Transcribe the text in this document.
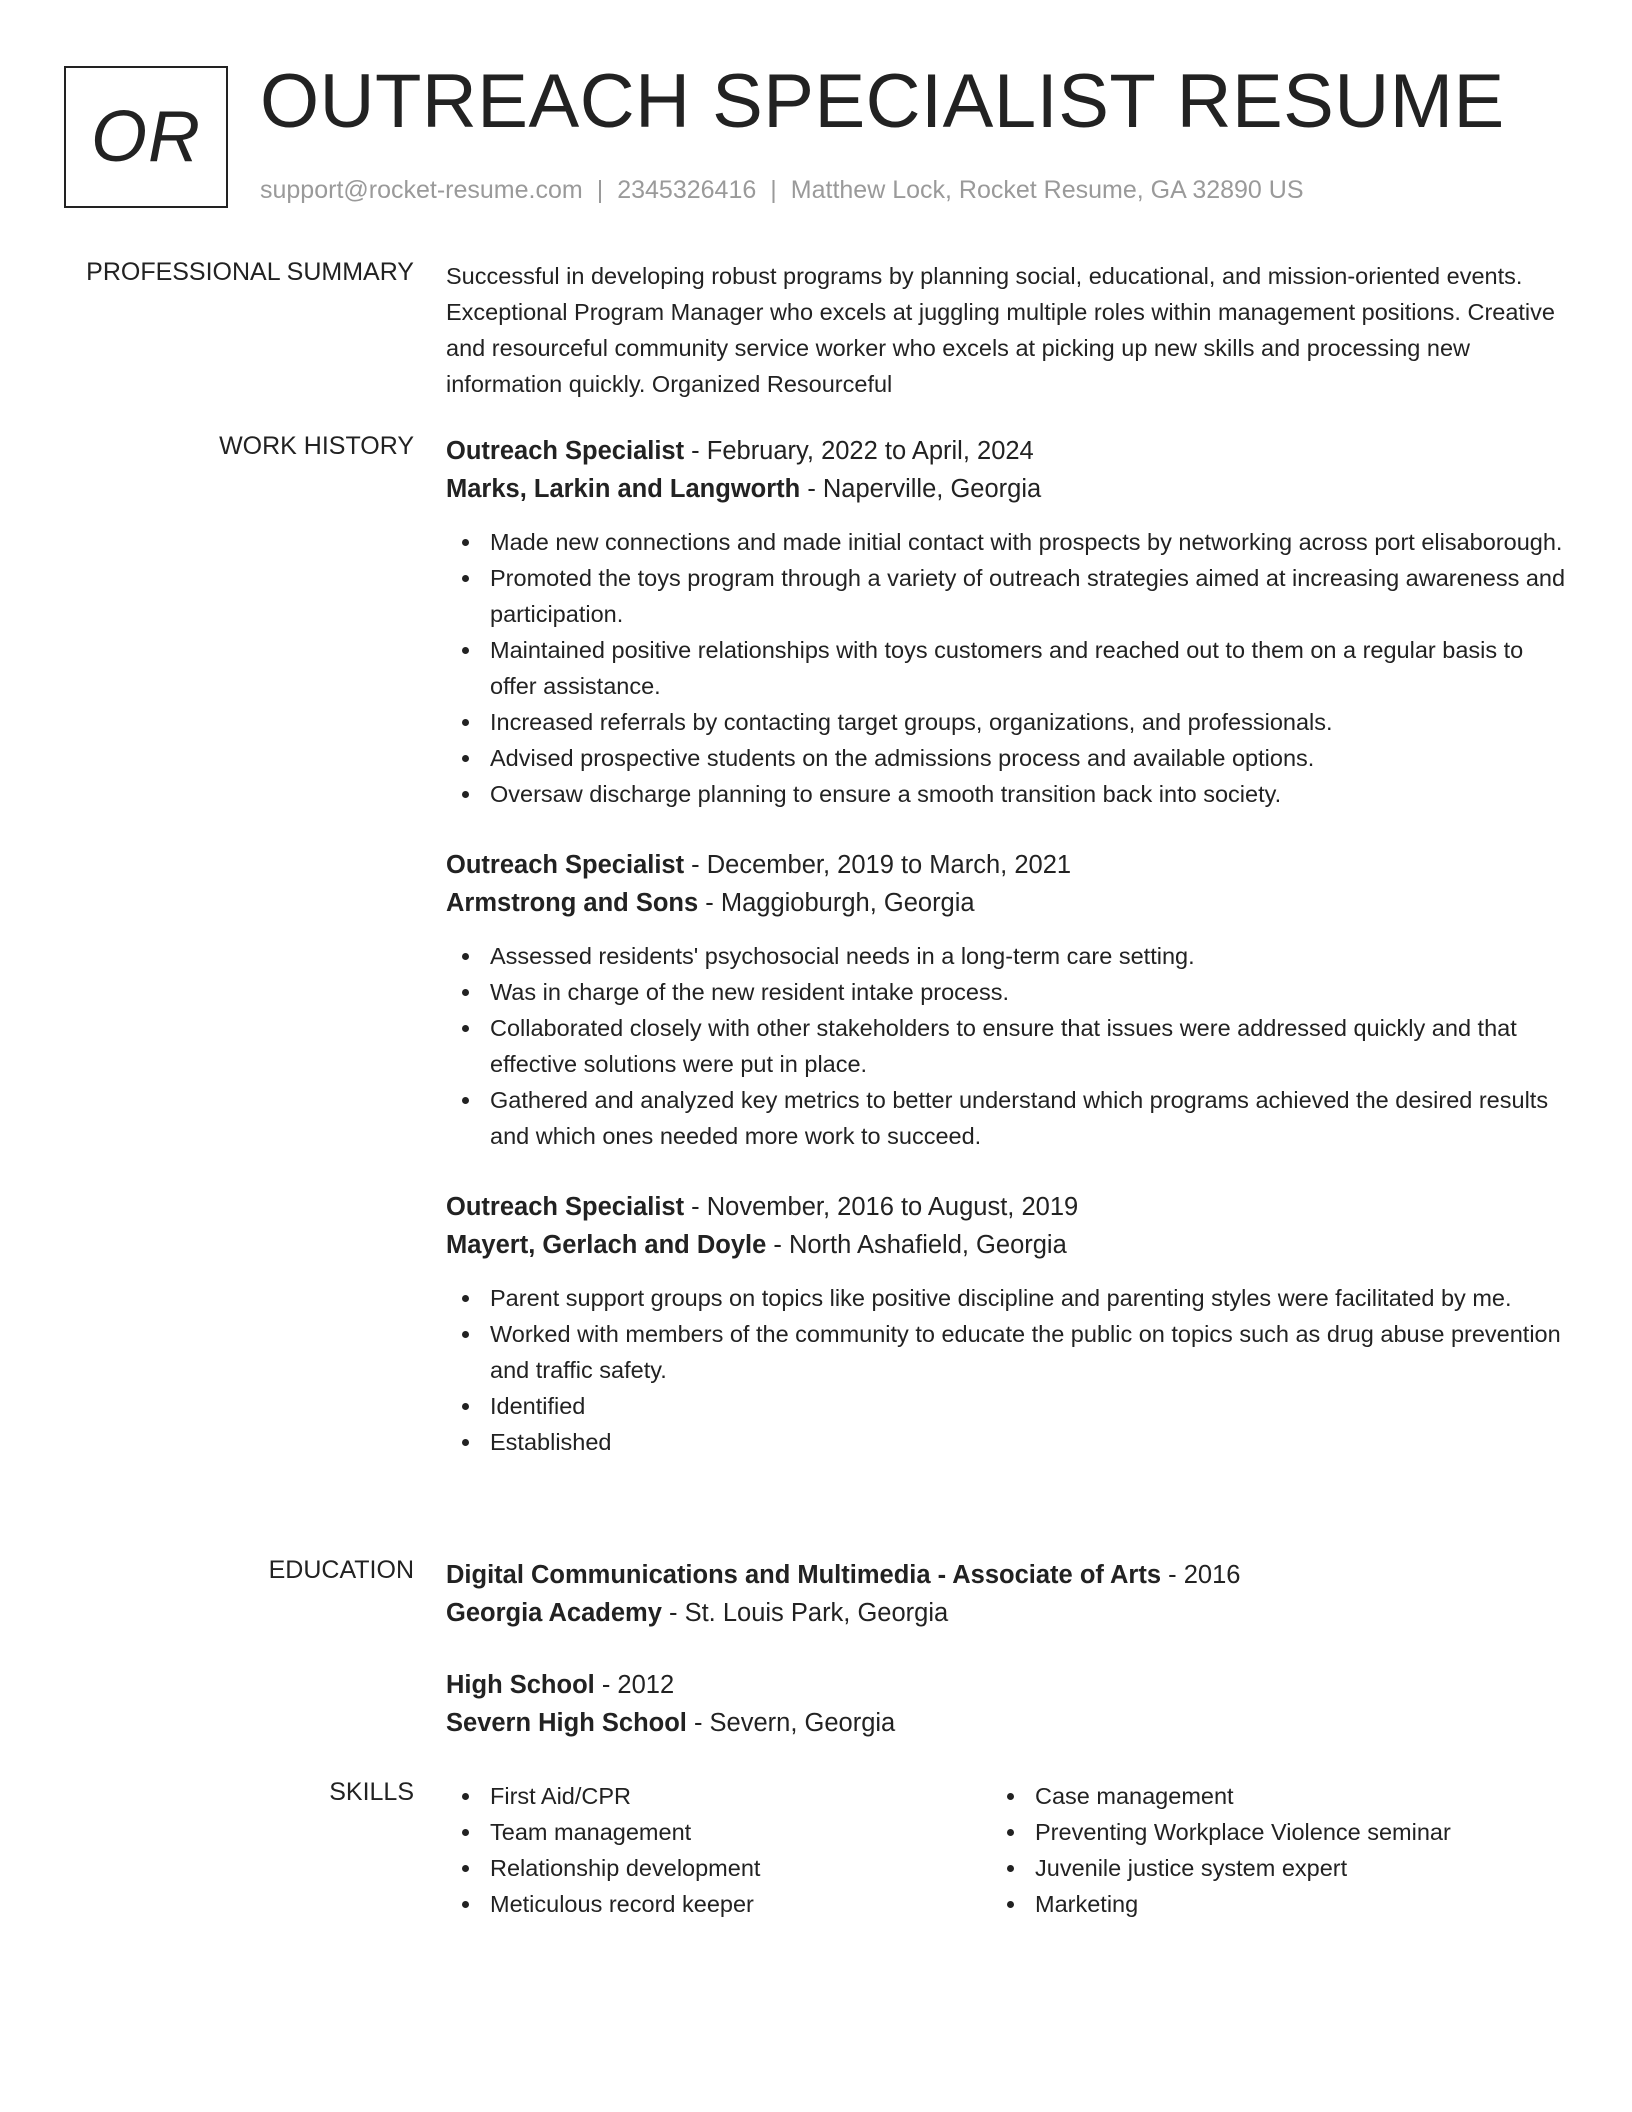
OR OUTREACH SPECIALIST RESUME
support@rocket-resume.com | 2345326416 | Matthew Lock, Rocket Resume, GA 32890 US
PROFESSIONAL SUMMARY Successful in developing robust programs by planning social, educational, and mission-oriented events. Exceptional Program Manager who excels at juggling multiple roles within management positions. Creative and resourceful community service worker who excels at picking up new skills and processing new information quickly. Organized Resourceful

WORK HISTORY Outreach Specialist - February, 2022 to April, 2024
Marks, Larkin and Langworth - Naperville, Georgia
Made new connections and made initial contact with prospects by networking across port elisaborough.
Promoted the toys program through a variety of outreach strategies aimed at increasing awareness and participation.
Maintained positive relationships with toys customers and reached out to them on a regular basis to offer assistance.
Increased referrals by contacting target groups, organizations, and professionals.
Advised prospective students on the admissions process and available options.
Oversaw discharge planning to ensure a smooth transition back into society.
Outreach Specialist - December, 2019 to March, 2021
Armstrong and Sons - Maggioburgh, Georgia
Assessed residents' psychosocial needs in a long-term care setting.
Was in charge of the new resident intake process.
Collaborated closely with other stakeholders to ensure that issues were addressed quickly and that effective solutions were put in place.
Gathered and analyzed key metrics to better understand which programs achieved the desired results and which ones needed more work to succeed.
Outreach Specialist - November, 2016 to August, 2019
Mayert, Gerlach and Doyle - North Ashafield, Georgia
Parent support groups on topics like positive discipline and parenting styles were facilitated by me.
Worked with members of the community to educate the public on topics such as drug abuse prevention and traffic safety.
Identified
Established
EDUCATION Digital Communications and Multimedia - Associate of Arts - 2016
Georgia Academy - St. Louis Park, Georgia
High School - 2012
Severn High School - Severn, Georgia
SKILLS	First Aid/CPR
Team management
Relationship development
Meticulous record keeper
Case management
Preventing Workplace Violence seminar
Juvenile justice system expert
Marketing
